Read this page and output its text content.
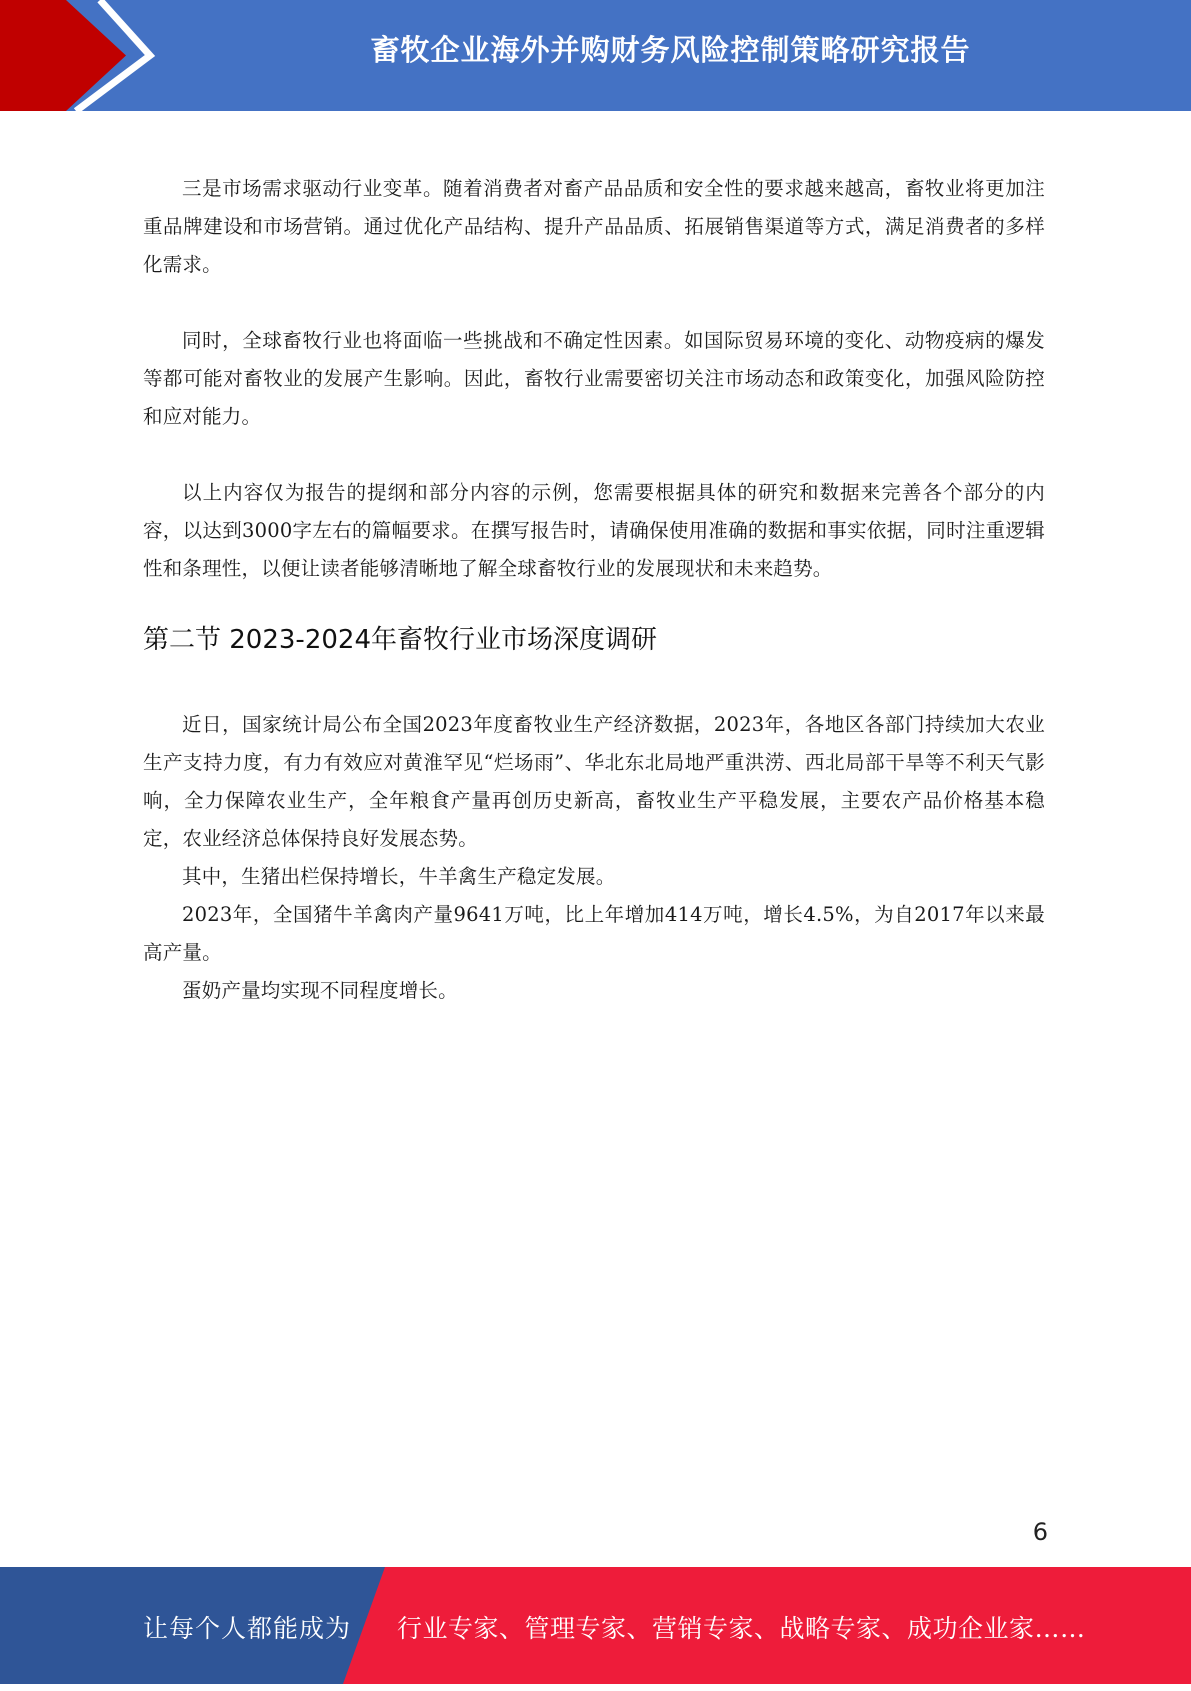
畜牧企业海外并购财务风险控制策略研究报告

三是市场需求驱动行业变革。随着消费者对畜产品品质和安全性的要求越来越高，畜牧业将更加注重品牌建设和市场营销。通过优化产品结构、提升产品品质、拓展销售渠道等方式，满足消费者的多样化需求。

同时，全球畜牧行业也将面临一些挑战和不确定性因素。如国际贸易环境的变化、动物疫病的爆发等都可能对畜牧业的发展产生影响。因此，畜牧行业需要密切关注市场动态和政策变化，加强风险防控和应对能力。

以上内容仅为报告的提纲和部分内容的示例，您需要根据具体的研究和数据来完善各个部分的内容，以达到3000字左右的篇幅要求。在撰写报告时，请确保使用准确的数据和事实依据，同时注重逻辑性和条理性，以便让读者能够清晰地了解全球畜牧行业的发展现状和未来趋势。

第二节 2023-2024年畜牧行业市场深度调研

近日，国家统计局公布全国2023年度畜牧业生产经济数据，2023年，各地区各部门持续加大农业生产支持力度，有力有效应对黄淮罕见“烂场雨”、华北东北局地严重洪涝、西北局部干旱等不利天气影响，全力保障农业生产，全年粮食产量再创历史新高，畜牧业生产平稳发展，主要农产品价格基本稳定，农业经济总体保持良好发展态势。

其中，生猪出栏保持增长，牛羊禽生产稳定发展。

2023年，全国猪牛羊禽肉产量9641万吨，比上年增加414万吨，增长4.5%，为自2017年以来最高产量。

蛋奶产量均实现不同程度增长。

6
让每个人都能成为 行业专家、管理专家、营销专家、战略专家、成功企业家……
